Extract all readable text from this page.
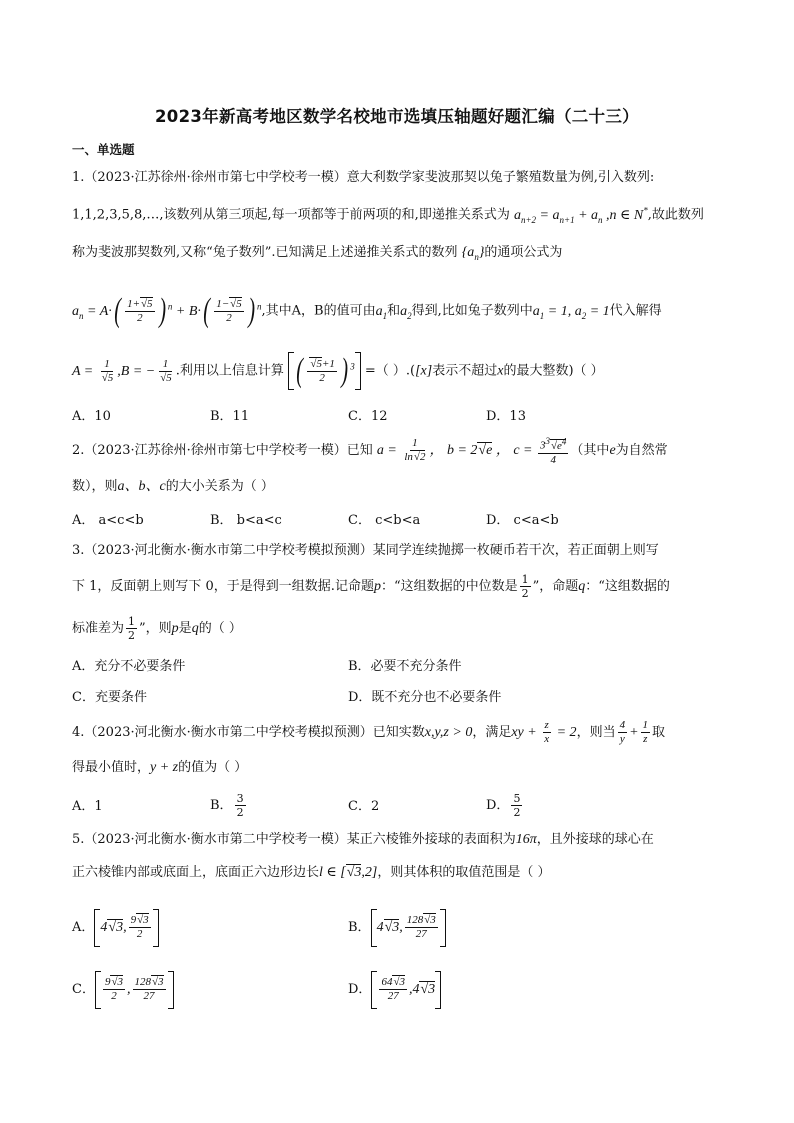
2023年新高考地区数学名校地市选填压轴题好题汇编（二十三）
一、单选题
1.（2023·江苏徐州·徐州市第七中学校考一模）意大利数学家斐波那契以兔子繁殖数量为例,引入数列:
1,1,2,3,5,8,…,该数列从第三项起,每一项都等于前两项的和,即递推关系式为 $a_{n+2} = a_{n+1} + a_n$ ,n ∈ N*,故此数列
称为斐波那契数列,又称“兔子数列”.已知满足上述递推关系式的数列 $\{a_n\}$的通项公式为
$a_n = A\cdot( \frac{1+√5}{2}$ ) $^n + B\cdot( \frac{1-√5}{2}$ ) $^n$,其中A，B的值可由$a_1$和$a_2$得到,比如兔子数列中$a_1 = 1$, $a_2 = 1$代入解得
$A = \frac{1}{√5} ,B$ = − $\frac{1}{√5}$ .利用以上信息计算 ( $\frac{√5+1}{2}$ ) $^3$ =（ ）.([x]表示不超过x的最大整数)（ ）
A．10	B．11	C．12	D．13
2.（2023·江苏徐州·徐州市第七中学校考一模）已知 $a = \frac{1}{\ln√2}$ ， b = 2√e ， $c = \frac{3^3√e^4}{4}$ （其中e为自然常
数），则a、b、c的大小关系为（ ）
A． a<c<b	B． b<a<c	C． c<b<a	D． c<a<b
3.（2023·河北衡水·衡水市第二中学校考模拟预测）某同学连续抛掷一枚硬币若干次，若正面朝上则写
下 1，反面朝上则写下 0，于是得到一组数据.记命题p：“这组数据的中位数是 $\frac{1}{2}$ ”，命题q：“这组数据的
标准差为 $\frac{1}{2}$ ”，则p是q的（ ）
A．充分不必要条件	B．必要不充分条件
C．充要条件	D．既不充分也不必要条件
4.（2023·河北衡水·衡水市第二中学校考模拟预测）已知实数x,y,z > 0，满足xy + $\frac{z}{x} = 2$，则当 $\frac{4}{y} + \frac{1}{z}$ 取
得最小值时，y + z的值为（ ）
A．1	B． $\frac{3}{2}$	C．2	D． $\frac{5}{2}$
5.（2023·河北衡水·衡水市第二中学校考一模）某正六棱锥外接球的表面积为16π，且外接球的球心在
正六棱锥内部或底面上，底面正六边形边长l ∈ [√3,2]，则其体积的取值范围是（ ）
A． 4√3, $\frac{9√3}{2}$	B． 4√3, $\frac{128√3}{27}$
C． $\frac{9√3}{2}$ , $\frac{128√3}{27}$	D． $\frac{64√3}{27} ,4√3$
